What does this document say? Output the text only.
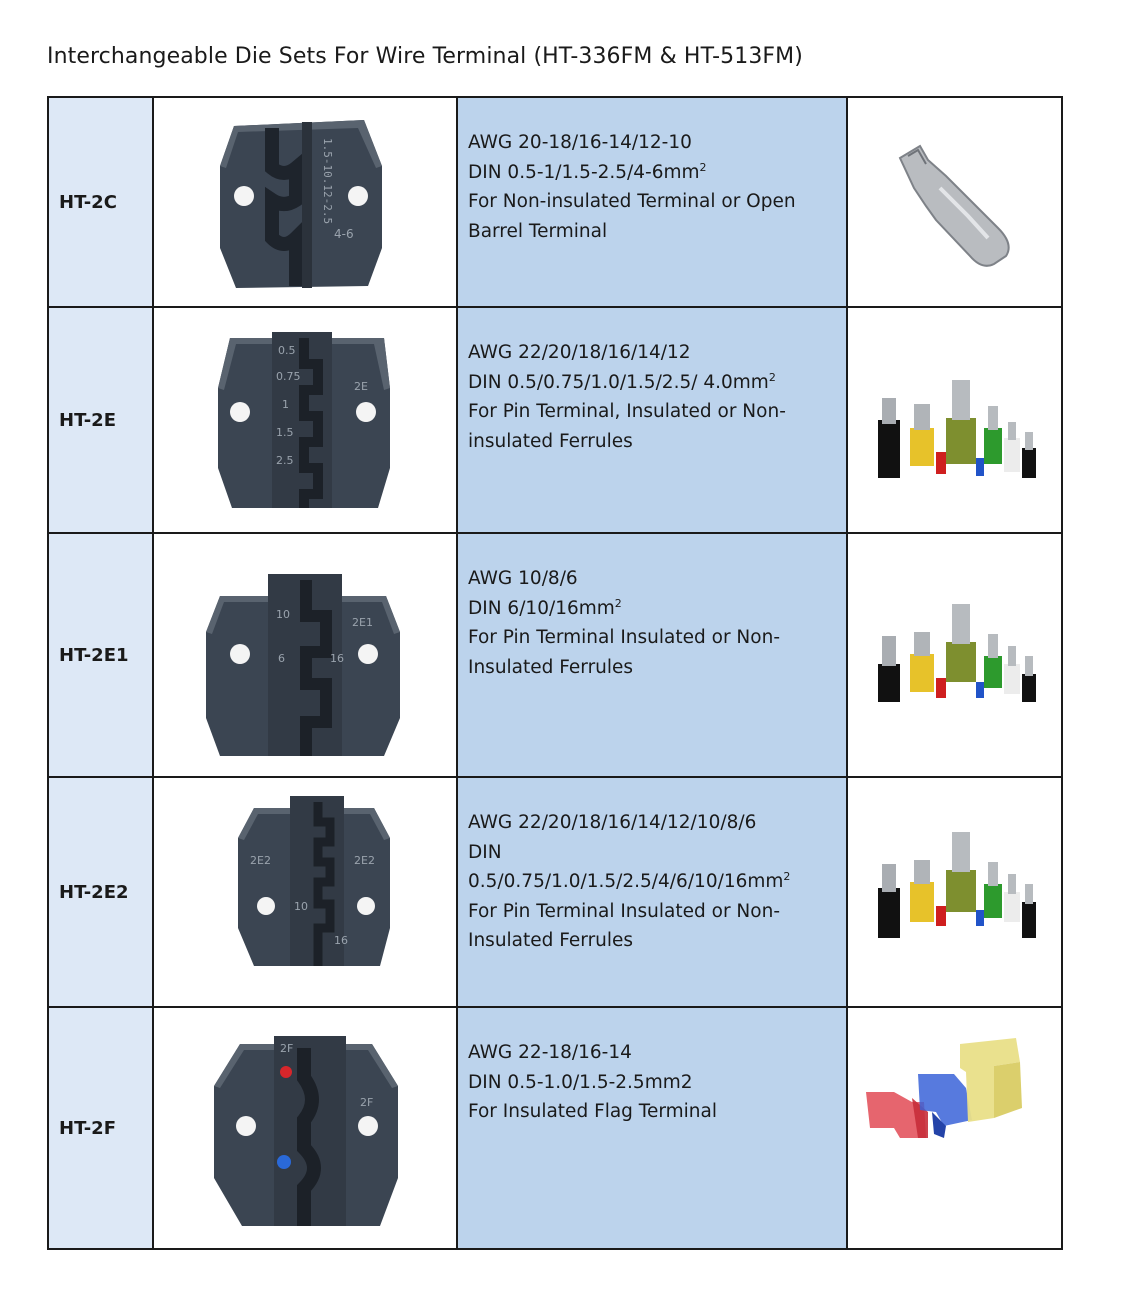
Interchangeable Die Sets For Wire Terminal (HT-336FM & HT-513FM)
HT-2C	1.5-10.12-2.5
4-6
AWG 20-18/16-14/12-10
DIN $0.5-1/1.5-2.5/4-6mm^2$
For Non-insulated Terminal or Open
Barrel Terminal
HT-2E
0.5
0.75
1
1.5
2.5
2E
AWG 22/20/18/16/14/12
DIN 0.5/0.75/1.0/1.5/2.5/ $4.0mm^2$
For Pin Terminal, Insulated or Non-
insulated Ferrules
HT-2E1
10
16
6
2E1
AWG 10/8/6
DIN $6/10/16mm^2$
For Pin Terminal Insulated or Non-
Insulated Ferrules
HT-2E2
2E2	2E2
10
16
AWG 22/20/18/16/14/12/10/8/6
DIN
$0.5/0.75/1.0/1.5/2.5/4/6/10/16mm^2$
For Pin Terminal Insulated or Non-
Insulated Ferrules
HT-2F
2F
2F
AWG 22-18/16-14
DIN 0.5-1.0/1.5-2.5mm2
For Insulated Flag Terminal
